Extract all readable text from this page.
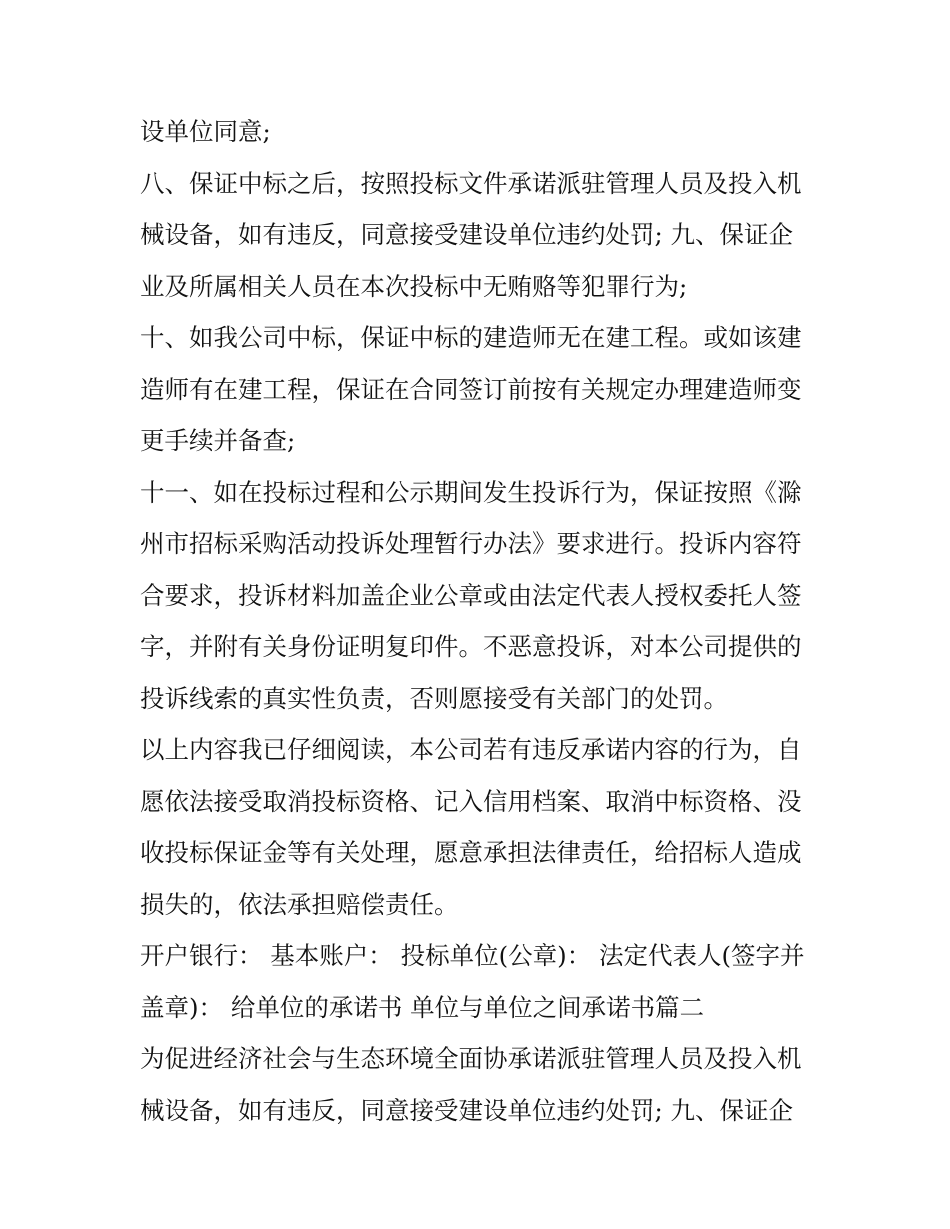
设单位同意;
八、保证中标之后，按照投标文件承诺派驻管理人员及投入机
械设备，如有违反，同意接受建设单位违约处罚; 九、保证企
业及所属相关人员在本次投标中无贿赂等犯罪行为;
十、如我公司中标，保证中标的建造师无在建工程。或如该建
造师有在建工程，保证在合同签订前按有关规定办理建造师变
更手续并备查;
十一、如在投标过程和公示期间发生投诉行为，保证按照《滁
州市招标采购活动投诉处理暂行办法》要求进行。投诉内容符
合要求，投诉材料加盖企业公章或由法定代表人授权委托人签
字，并附有关身份证明复印件。不恶意投诉，对本公司提供的
投诉线索的真实性负责，否则愿接受有关部门的处罚。
以上内容我已仔细阅读，本公司若有违反承诺内容的行为，自
愿依法接受取消投标资格、记入信用档案、取消中标资格、没
收投标保证金等有关处理，愿意承担法律责任，给招标人造成
损失的，依法承担赔偿责任。
开户银行： 基本账户： 投标单位(公章)： 法定代表人(签字并
盖章)： 给单位的承诺书 单位与单位之间承诺书篇二
为促进经济社会与生态环境全面协承诺派驻管理人员及投入机
械设备，如有违反，同意接受建设单位违约处罚; 九、保证企
